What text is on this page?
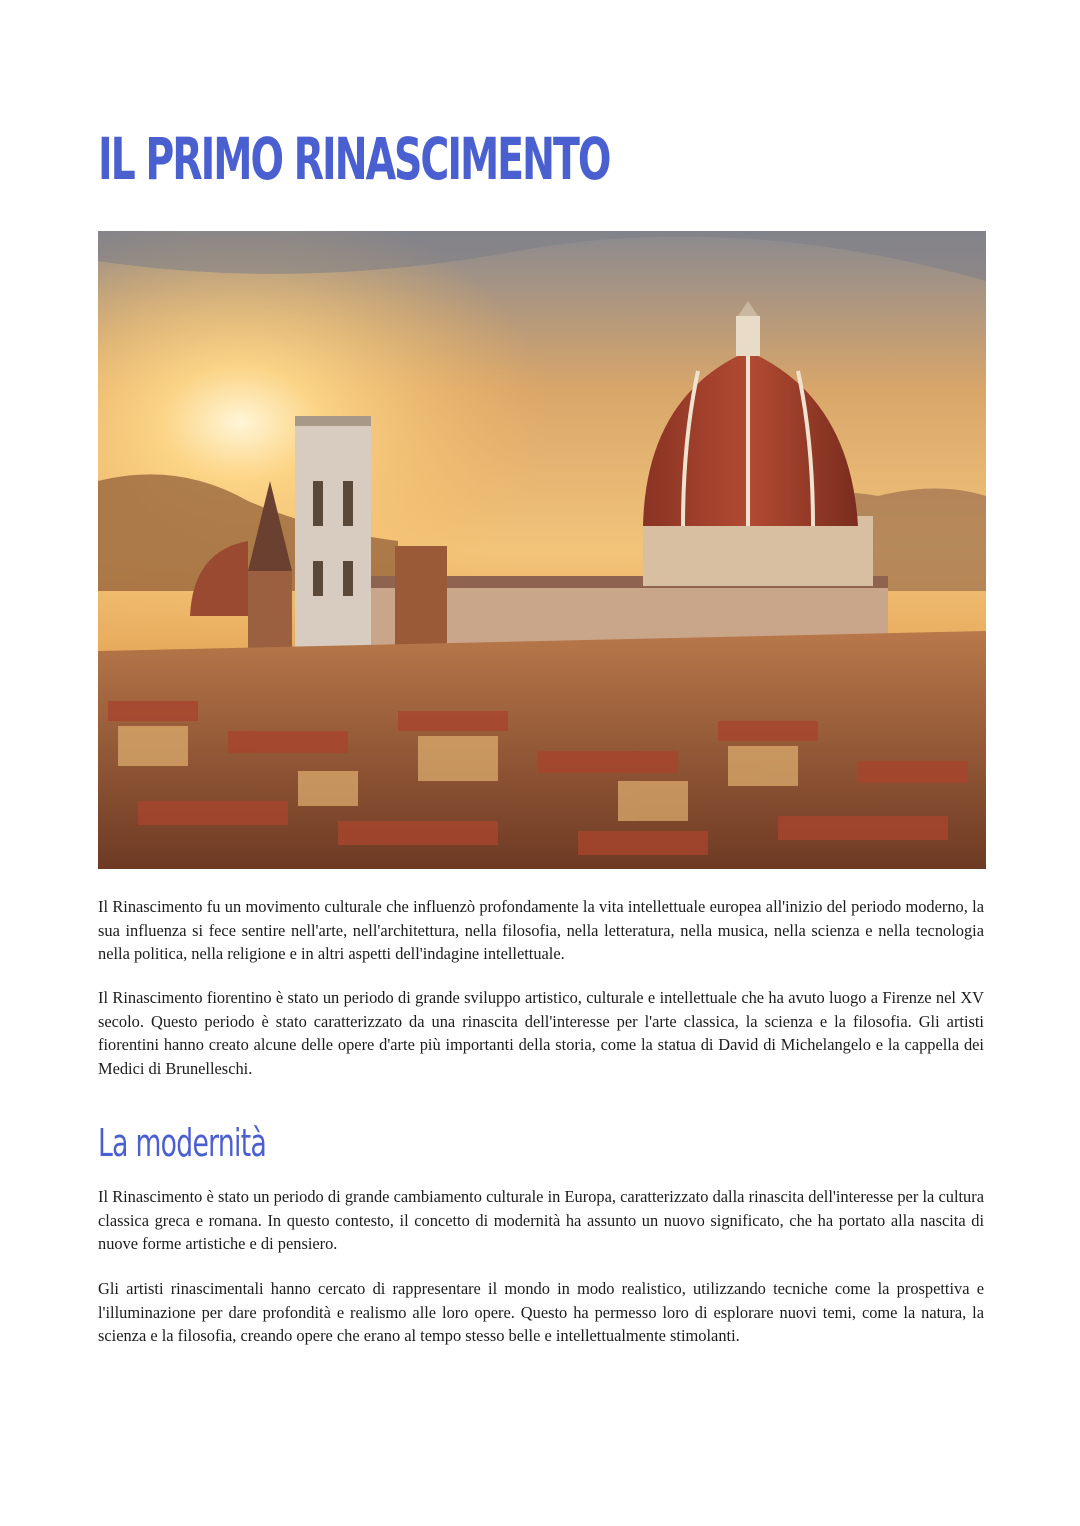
IL PRIMO RINASCIMENTO

Il Rinascimento fu un movimento culturale che influenzò profondamente la vita intellettuale europea all'inizio del periodo moderno, la sua influenza si fece sentire nell'arte, nell'architettura, nella filosofia, nella letteratura, nella musica, nella scienza e nella tecnologia nella politica, nella religione e in altri aspetti dell'indagine intellettuale.

Il Rinascimento fiorentino è stato un periodo di grande sviluppo artistico, culturale e intellettuale che ha avuto luogo a Firenze nel XV secolo. Questo periodo è stato caratterizzato da una rinascita dell'interesse per l'arte classica, la scienza e la filosofia. Gli artisti fiorentini hanno creato alcune delle opere d'arte più importanti della storia, come la statua di David di Michelangelo e la cappella dei Medici di Brunelleschi.

La modernità

Il Rinascimento è stato un periodo di grande cambiamento culturale in Europa, caratterizzato dalla rinascita dell'interesse per la cultura classica greca e romana. In questo contesto, il concetto di modernità ha assunto un nuovo significato, che ha portato alla nascita di nuove forme artistiche e di pensiero.

Gli artisti rinascimentali hanno cercato di rappresentare il mondo in modo realistico, utilizzando tecniche come la prospettiva e l'illuminazione per dare profondità e realismo alle loro opere. Questo ha permesso loro di esplorare nuovi temi, come la natura, la scienza e la filosofia, creando opere che erano al tempo stesso belle e intellettualmente stimolanti.
